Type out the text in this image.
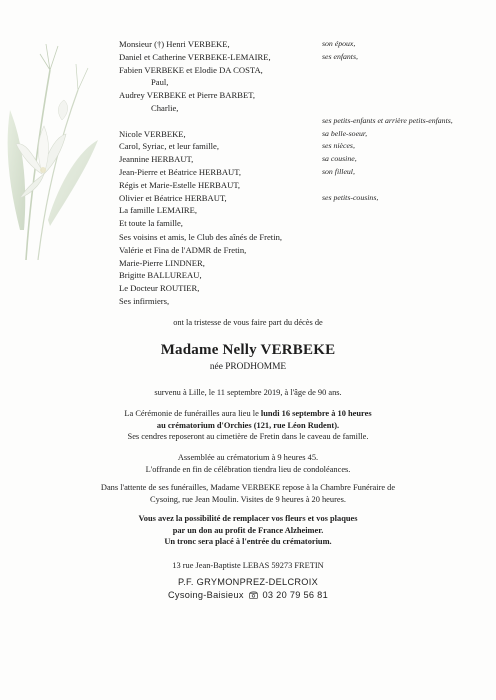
Monsieur (†) Henri VERBEKE,	son époux,
Daniel et Catherine VERBEKE-LEMAIRE,	ses enfants,
Fabien VERBEKE et Elodie DA COSTA,
Paul,
Audrey VERBEKE et Pierre BARBET,
Charlie,
ses petits-enfants et arrière petits-enfants,
Nicole VERBEKE,	sa belle-soeur,
Carol, Syriac, et leur famille,	ses nièces,
Jeannine HERBAUT,	sa cousine,
Jean-Pierre et Béatrice HERBAUT,	son filleul,
Régis et Marie-Estelle HERBAUT,
Olivier et Béatrice HERBAUT,	ses petits-cousins,
La famille LEMAIRE,
Et toute la famille,
Ses voisins et amis, le Club des aînés de Fretin,
Valérie et Fina de l'ADMR de Fretin,
Marie-Pierre LINDNER,
Brigitte BALLUREAU,
Le Docteur ROUTIER,
Ses infirmiers,
ont la tristesse de vous faire part du décès de
Madame Nelly VERBEKE
née PRODHOMME
survenu à Lille, le 11 septembre 2019, à l'âge de 90 ans.
La Cérémonie de funérailles aura lieu le lundi 16 septembre à 10 heures
au crématorium d'Orchies (121, rue Léon Rudent).
Ses cendres reposeront au cimetière de Fretin dans le caveau de famille.
Assemblée au crématorium à 9 heures 45.
L'offrande en fin de célébration tiendra lieu de condoléances.
Dans l'attente de ses funérailles, Madame VERBEKE repose à la Chambre Funéraire de
Cysoing, rue Jean Moulin. Visites de 9 heures à 20 heures.
Vous avez la possibilité de remplacer vos fleurs et vos plaques
par un don au profit de France Alzheimer.
Un tronc sera placé à l'entrée du crématorium.
13 rue Jean-Baptiste LEBAS 59273 FRETIN
P.F. GRYMONPREZ-DELCROIX
Cysoing-Baisieux 03 20 79 56 81
